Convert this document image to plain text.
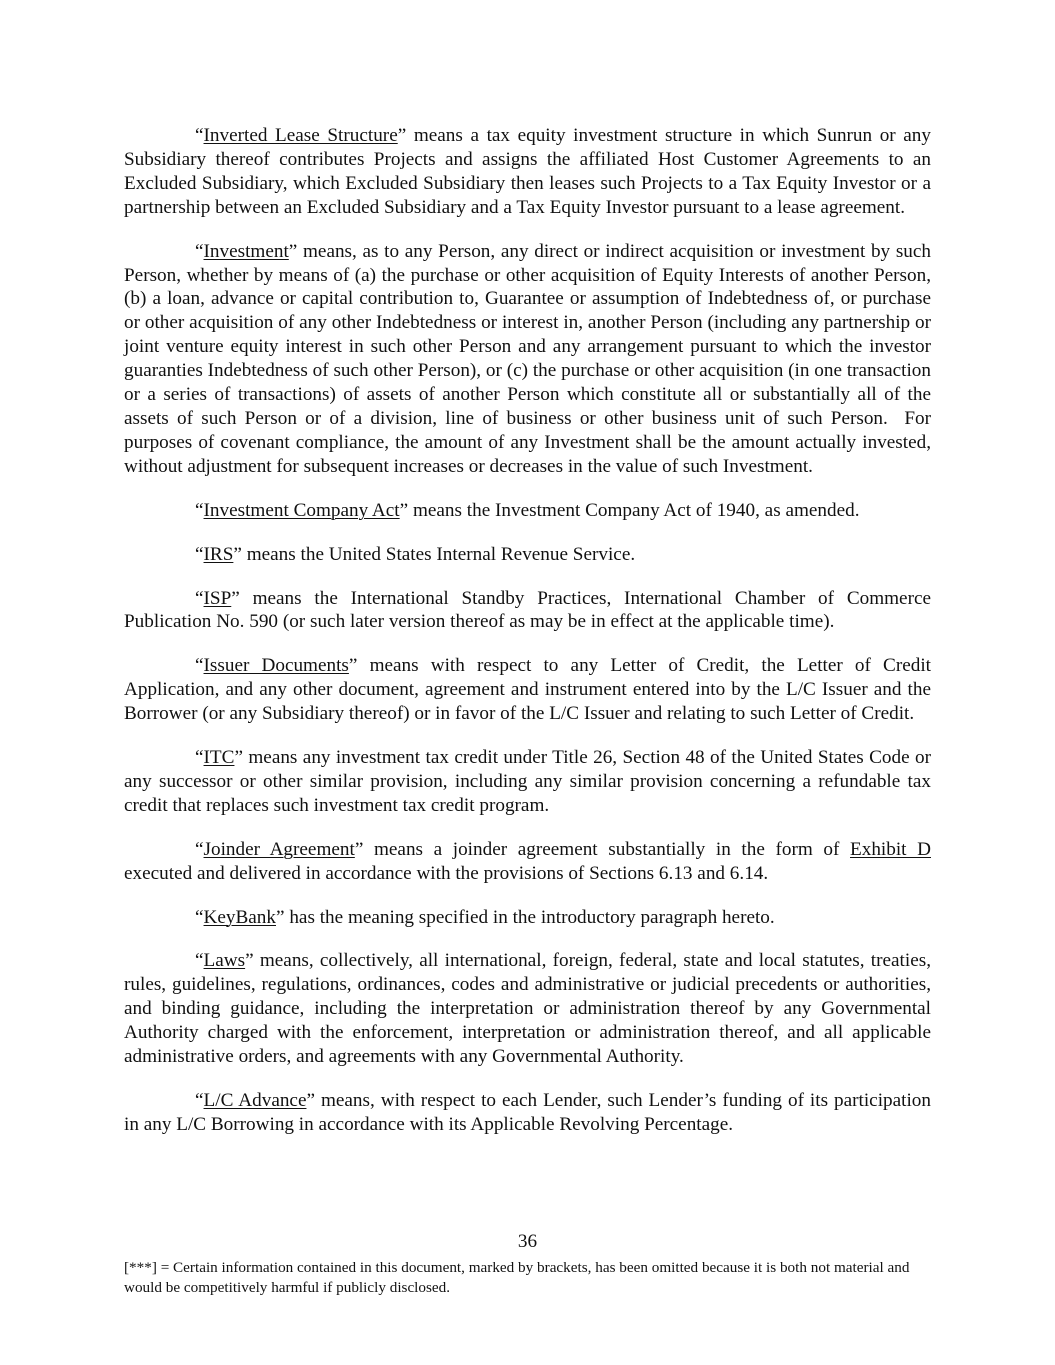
“Inverted Lease Structure” means a tax equity investment structure in which Sunrun or any Subsidiary thereof contributes Projects and assigns the affiliated Host Customer Agreements to an Excluded Subsidiary, which Excluded Subsidiary then leases such Projects to a Tax Equity Investor or a partnership between an Excluded Subsidiary and a Tax Equity Investor pursuant to a lease agreement.

“Investment” means, as to any Person, any direct or indirect acquisition or investment by such Person, whether by means of (a) the purchase or other acquisition of Equity Interests of another Person, (b) a loan, advance or capital contribution to, Guarantee or assumption of Indebtedness of, or purchase or other acquisition of any other Indebtedness or interest in, another Person (including any partnership or joint venture equity interest in such other Person and any arrangement pursuant to which the investor guaranties Indebtedness of such other Person), or (c) the purchase or other acquisition (in one transaction or a series of transactions) of assets of another Person which constitute all or substantially all of the assets of such Person or of a division, line of business or other business unit of such Person.  For purposes of covenant compliance, the amount of any Investment shall be the amount actually invested, without adjustment for subsequent increases or decreases in the value of such Investment.

“Investment Company Act” means the Investment Company Act of 1940, as amended.

“IRS” means the United States Internal Revenue Service.

“ISP” means the International Standby Practices, International Chamber of Commerce Publication No. 590 (or such later version thereof as may be in effect at the applicable time).

“Issuer Documents” means with respect to any Letter of Credit, the Letter of Credit Application, and any other document, agreement and instrument entered into by the L/C Issuer and the Borrower (or any Subsidiary thereof) or in favor of the L/C Issuer and relating to such Letter of Credit.

“ITC” means any investment tax credit under Title 26, Section 48 of the United States Code or any successor or other similar provision, including any similar provision concerning a refundable tax credit that replaces such investment tax credit program.

“Joinder Agreement” means a joinder agreement substantially in the form of Exhibit D executed and delivered in accordance with the provisions of Sections 6.13 and 6.14.

“KeyBank” has the meaning specified in the introductory paragraph hereto.

“Laws” means, collectively, all international, foreign, federal, state and local statutes, treaties, rules, guidelines, regulations, ordinances, codes and administrative or judicial precedents or authorities, and binding guidance, including the interpretation or administration thereof by any Governmental Authority charged with the enforcement, interpretation or administration thereof, and all applicable administrative orders, and agreements with any Governmental Authority.

“L/C Advance” means, with respect to each Lender, such Lender’s funding of its participation in any L/C Borrowing in accordance with its Applicable Revolving Percentage.

36
[***] = Certain information contained in this document, marked by brackets, has been omitted because it is both not material and would be competitively harmful if publicly disclosed.
